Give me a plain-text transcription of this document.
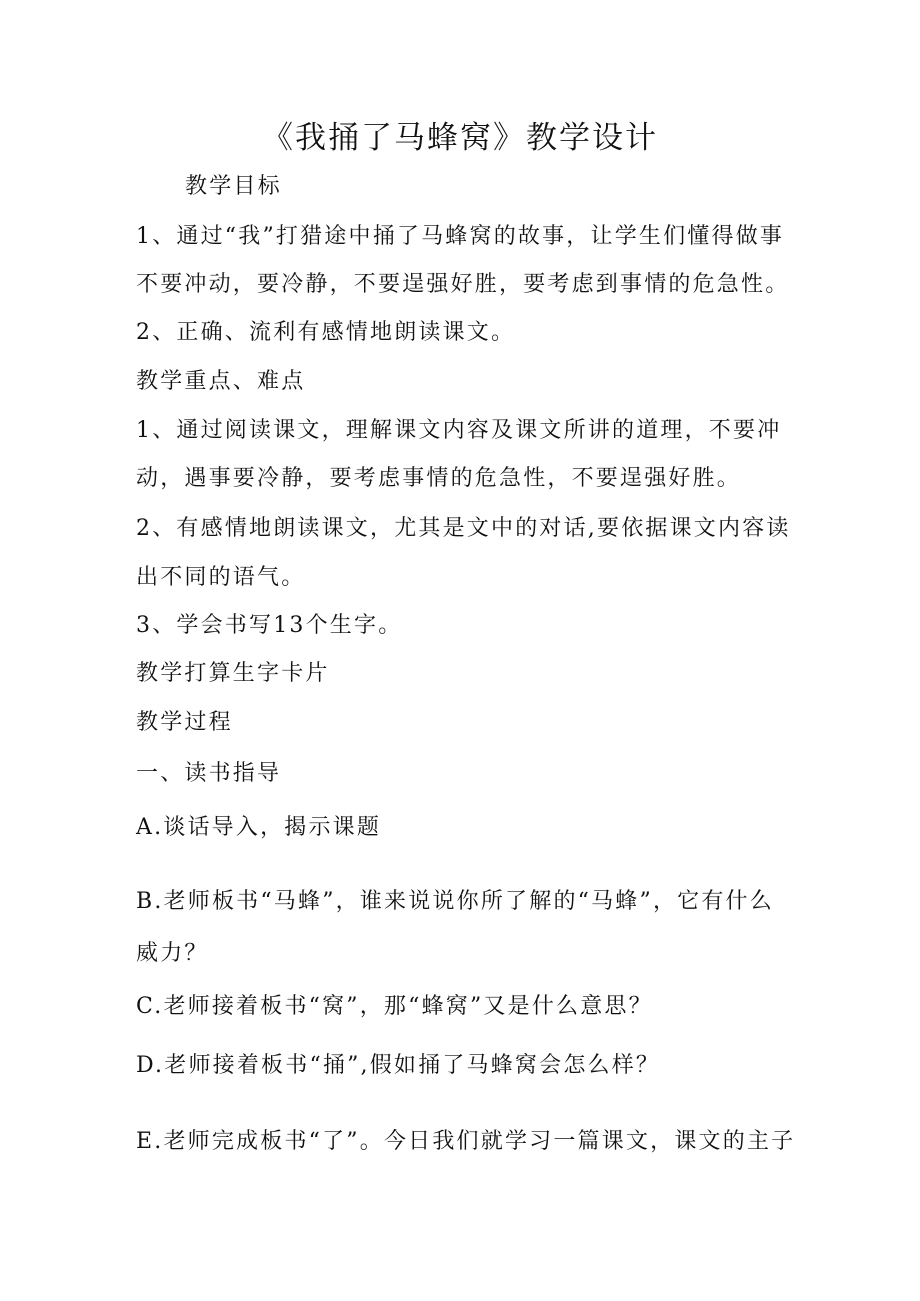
《我捅了马蜂窝》教学设计
教学目标
1、通过“我”打猎途中捅了马蜂窝的故事，让学生们懂得做事
不要冲动，要冷静，不要逞强好胜，要考虑到事情的危急性。
2、正确、流利有感情地朗读课文。
教学重点、难点
1、通过阅读课文，理解课文内容及课文所讲的道理，不要冲
动，遇事要冷静，要考虑事情的危急性，不要逞强好胜。
2、有感情地朗读课文，尤其是文中的对话,要依据课文内容读
出不同的语气。
3、学会书写13个生字。
教学打算生字卡片
教学过程
一、读书指导
A.谈话导入，揭示课题
B.老师板书“马蜂”，谁来说说你所了解的“马蜂”，它有什么
威力？
C.老师接着板书“窝”，那“蜂窝”又是什么意思？
D.老师接着板书“捅”,假如捅了马蜂窝会怎么样？
E.老师完成板书“了”。今日我们就学习一篇课文，课文的主子
